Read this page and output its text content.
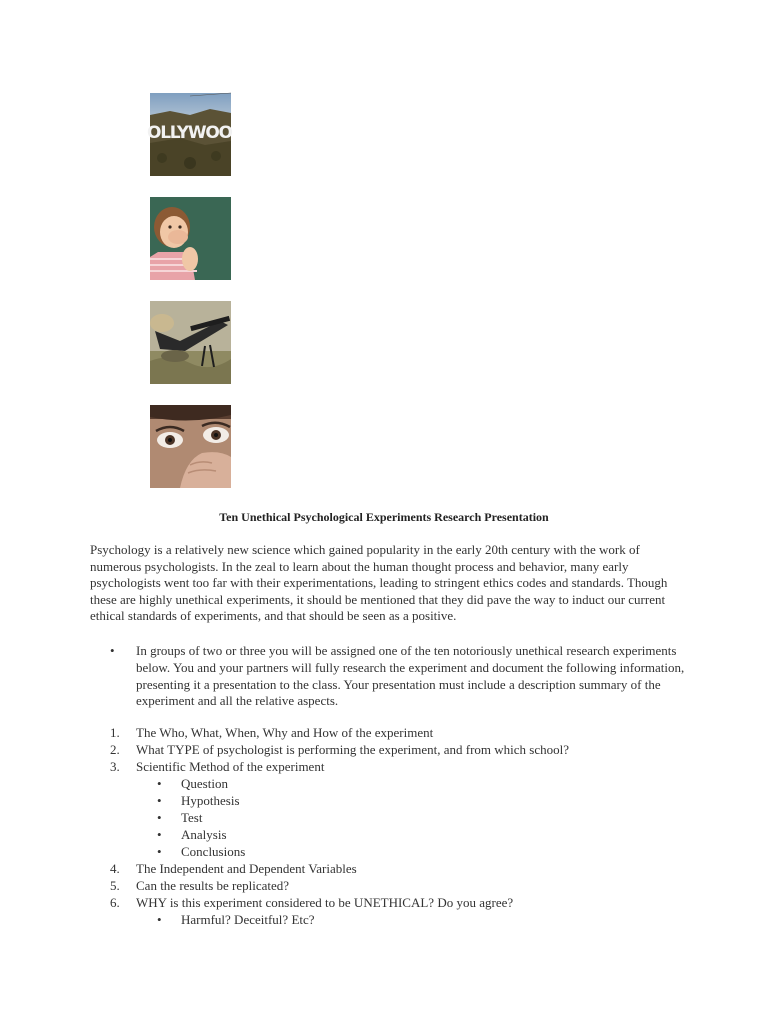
OLLYWOO
Ten Unethical Psychological Experiments Research Presentation

Psychology is a relatively new science which gained popularity in the early 20th century with the work of numerous psychologists. In the zeal to learn about the human thought process and behavior, many early psychologists went too far with their experimentations, leading to stringent ethics codes and standards. Though these are highly unethical experiments, it should be mentioned that they did pave the way to induct our current ethical standards of experiments, and that should be seen as a positive.

• In groups of two or three you will be assigned one of the ten notoriously unethical research experiments below. You and your partners will fully research the experiment and document the following information, presenting it a presentation to the class. Your presentation must include a description summary of the experiment and all the relative aspects.
1. The Who, What, When, Why and How of the experiment
2. What TYPE of psychologist is performing the experiment, and from which school?
3. Scientific Method of the experiment
• Question
• Hypothesis
• Test
• Analysis
• Conclusions
4. The Independent and Dependent Variables
5. Can the results be replicated?
6. WHY is this experiment considered to be UNETHICAL? Do you agree?
• Harmful? Deceitful? Etc?
